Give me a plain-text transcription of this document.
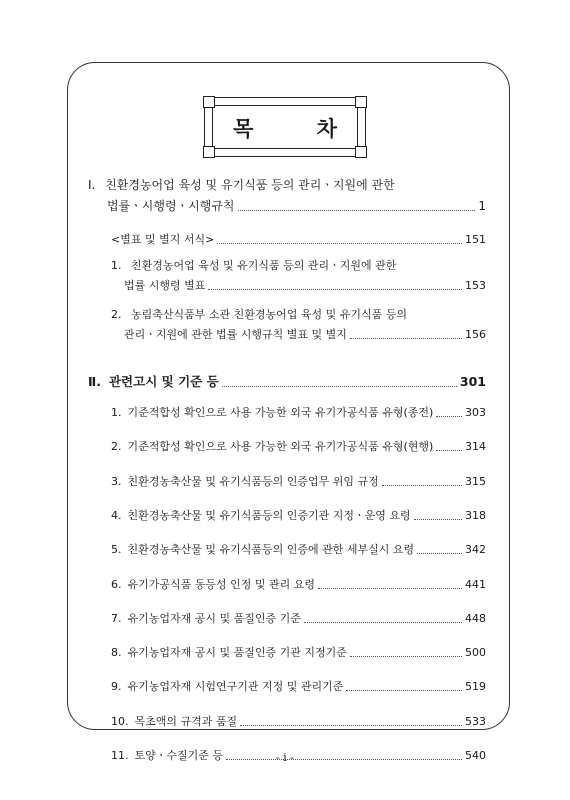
목 차
Ⅰ. 친환경농어업 육성 및 유기식품 등의 관리ㆍ지원에 관한
법률ㆍ시행령ㆍ시행규칙	1
<별표 및 별지 서식>	151
1. 친환경농어업 육성 및 유기식품 등의 관리ㆍ지원에 관한
법률 시행령 별표	153
2. 농림축산식품부 소관 친환경농어업 육성 및 유기식품 등의
관리ㆍ지원에 관한 법률 시행규칙 별표 및 별지	156
Ⅱ. 관련고시 및 기준 등	301
1. 기준적합성 확인으로 사용 가능한 외국 유기가공식품 유형(종전)	303
2. 기준적합성 확인으로 사용 가능한 외국 유기가공식품 유형(현행)	314
3. 친환경농축산물 및 유기식품등의 인증업무 위임 규정	315
4. 친환경농축산물 및 유기식품등의 인증기관 지정ㆍ운영 요령	318
5. 친환경농축산물 및 유기식품등의 인증에 관한 세부실시 요령	342
6. 유기가공식품 동등성 인정 및 관리 요령	441
7. 유기농업자재 공시 및 품질인증 기준	448
8. 유기농업자재 공시 및 품질인증 기관 지정기준	500
9. 유기농업자재 시험연구기관 지정 및 관리기준	519
10. 목초액의 규격과 품질	533
11. 토양ㆍ수질기준 등	540
- i -
